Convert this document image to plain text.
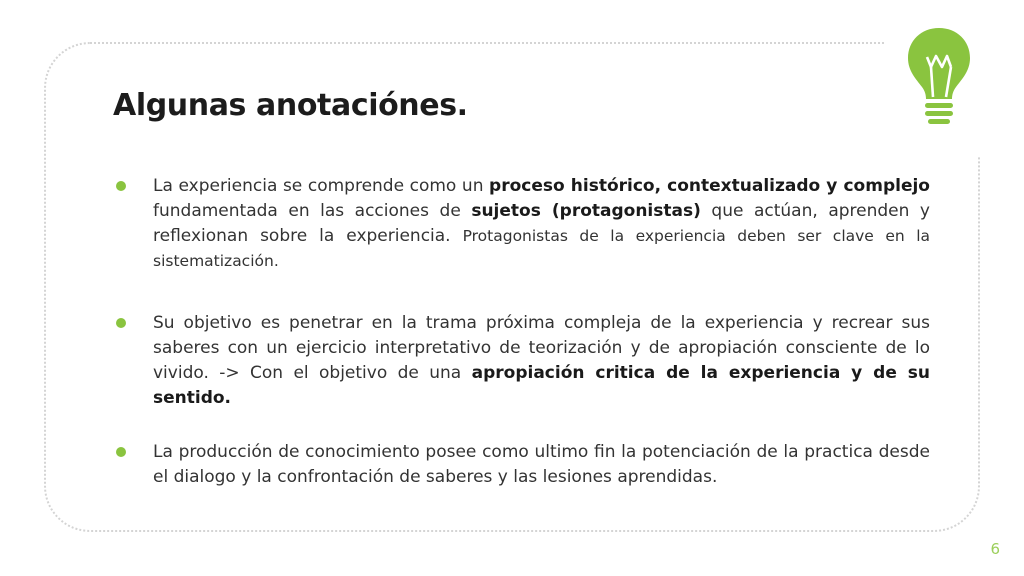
Algunas anotaciónes.

La experiencia se comprende como un proceso histórico, contextualizado y complejo fundamentada en las acciones de sujetos (protagonistas) que actúan, aprenden y reflexionan sobre la experiencia. Protagonistas de la experiencia deben ser clave en la sistematización.

Su objetivo es penetrar en la trama próxima compleja de la experiencia y recrear sus saberes con un ejercicio interpretativo de teorización y de apropiación consciente de lo vivido. -> Con el objetivo de una apropiación critica de la experiencia y de su sentido.

La producción de conocimiento posee como ultimo fin la potenciación de la practica desde el dialogo y la confrontación de saberes y las lesiones aprendidas.

6
